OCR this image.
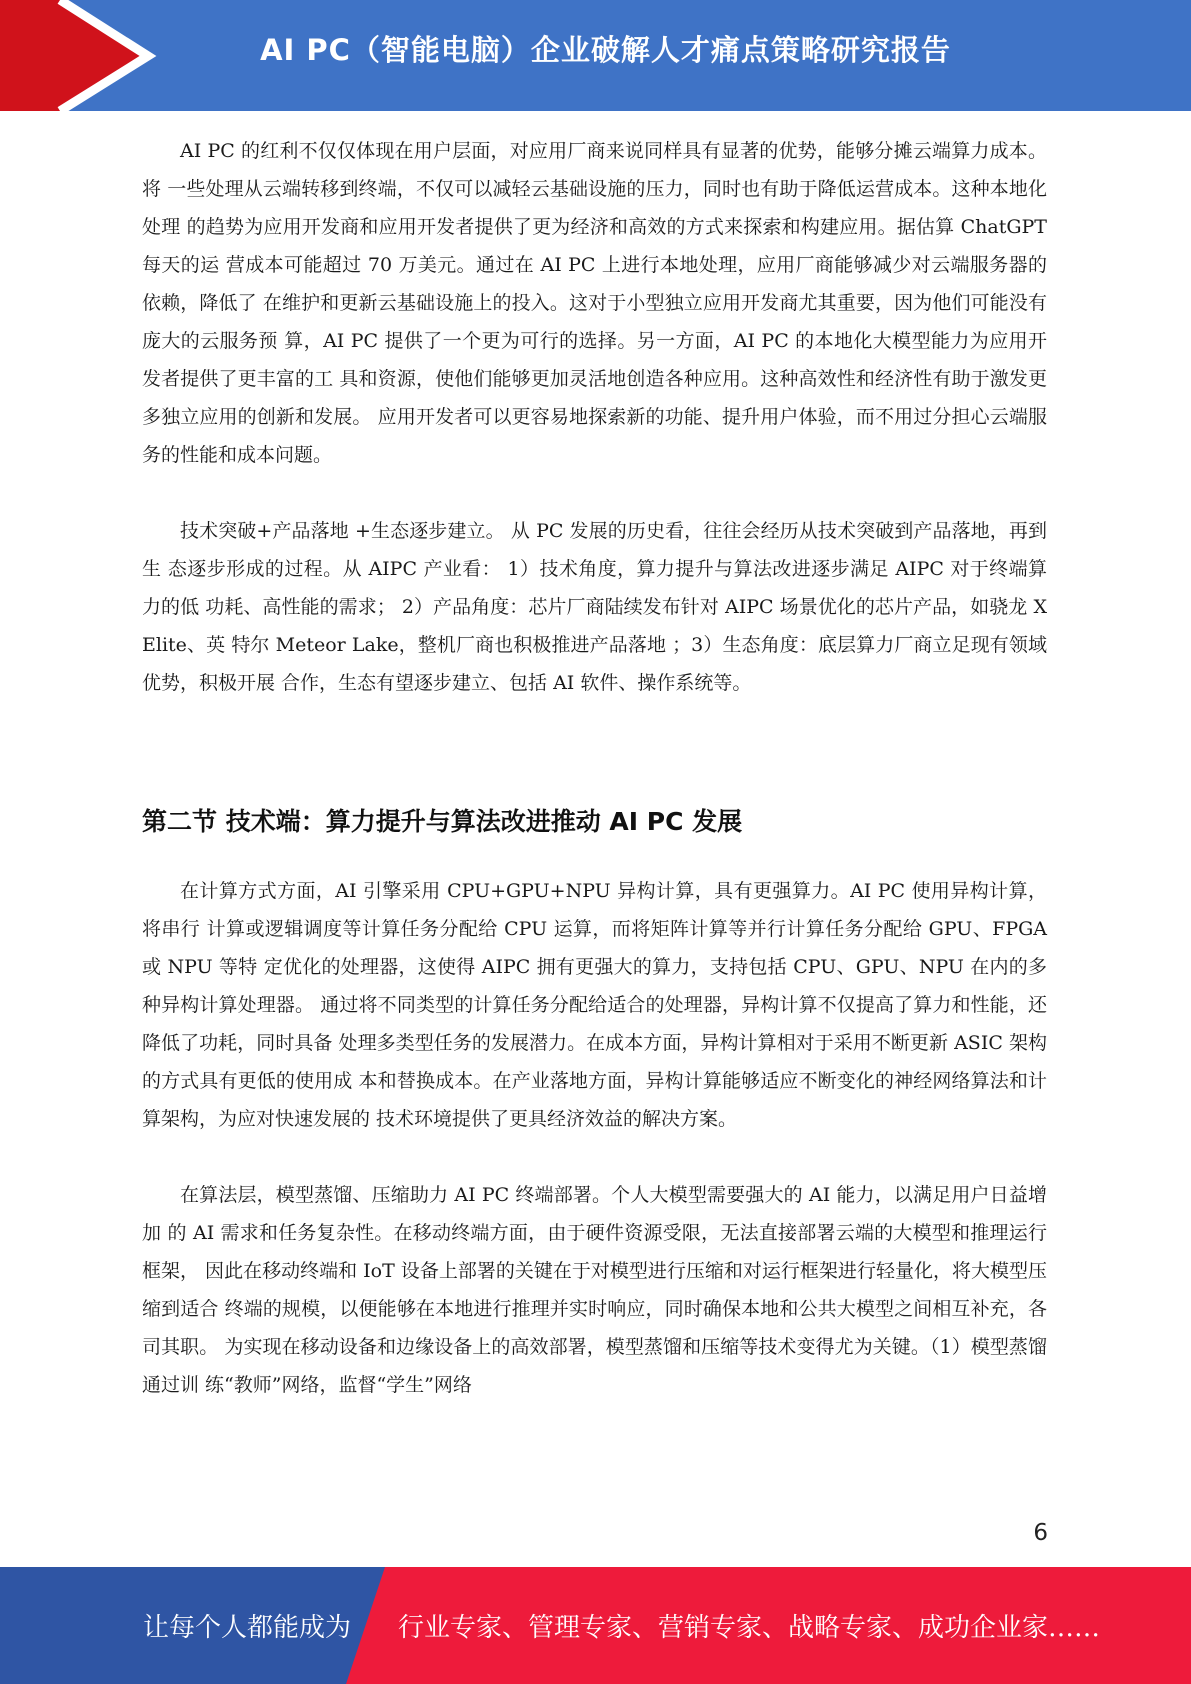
AI PC（智能电脑）企业破解人才痛点策略研究报告

AI PC 的红利不仅仅体现在用户层面，对应用厂商来说同样具有显著的优势，能够分摊云端算力成本。将 一些处理从云端转移到终端，不仅可以减轻云基础设施的压力，同时也有助于降低运营成本。这种本地化处理 的趋势为应用开发商和应用开发者提供了更为经济和高效的方式来探索和构建应用。据估算 ChatGPT 每天的运 营成本可能超过 70 万美元。通过在 AI PC 上进行本地处理，应用厂商能够减少对云端服务器的依赖，降低了 在维护和更新云基础设施上的投入。这对于小型独立应用开发商尤其重要，因为他们可能没有庞大的云服务预 算，AI PC 提供了一个更为可行的选择。另一方面，AI PC 的本地化大模型能力为应用开发者提供了更丰富的工 具和资源，使他们能够更加灵活地创造各种应用。这种高效性和经济性有助于激发更多独立应用的创新和发展。 应用开发者可以更容易地探索新的功能、提升用户体验，而不用过分担心云端服务的性能和成本问题。

技术突破+产品落地 +生态逐步建立。 从 PC 发展的历史看，往往会经历从技术突破到产品落地，再到生 态逐步形成的过程。从 AIPC 产业看： 1）技术角度，算力提升与算法改进逐步满足 AIPC 对于终端算力的低 功耗、高性能的需求； 2）产品角度：芯片厂商陆续发布针对 AIPC 场景优化的芯片产品，如骁龙 X Elite、英 特尔 Meteor Lake，整机厂商也积极推进产品落地 ；3）生态角度：底层算力厂商立足现有领域优势，积极开展 合作，生态有望逐步建立、包括 AI 软件、操作系统等。

第二节 技术端：算力提升与算法改进推动 AI PC 发展

在计算方式方面，AI 引擎采用 CPU+GPU+NPU 异构计算，具有更强算力。AI PC 使用异构计算，将串行 计算或逻辑调度等计算任务分配给 CPU 运算，而将矩阵计算等并行计算任务分配给 GPU、FPGA 或 NPU 等特 定优化的处理器，这使得 AIPC 拥有更强大的算力，支持包括 CPU、GPU、NPU 在内的多种异构计算处理器。 通过将不同类型的计算任务分配给适合的处理器，异构计算不仅提高了算力和性能，还降低了功耗，同时具备 处理多类型任务的发展潜力。在成本方面，异构计算相对于采用不断更新 ASIC 架构的方式具有更低的使用成 本和替换成本。在产业落地方面，异构计算能够适应不断变化的神经网络算法和计算架构，为应对快速发展的 技术环境提供了更具经济效益的解决方案。

在算法层，模型蒸馏、压缩助力 AI PC 终端部署。个人大模型需要强大的 AI 能力，以满足用户日益增加 的 AI 需求和任务复杂性。在移动终端方面，由于硬件资源受限，无法直接部署云端的大模型和推理运行框架， 因此在移动终端和 IoT 设备上部署的关键在于对模型进行压缩和对运行框架进行轻量化，将大模型压缩到适合 终端的规模，以便能够在本地进行推理并实时响应，同时确保本地和公共大模型之间相互补充，各司其职。 为实现在移动设备和边缘设备上的高效部署，模型蒸馏和压缩等技术变得尤为关键。（1）模型蒸馏通过训 练“教师”网络，监督“学生”网络

6
让每个人都能成为 行业专家、管理专家、营销专家、战略专家、成功企业家……
